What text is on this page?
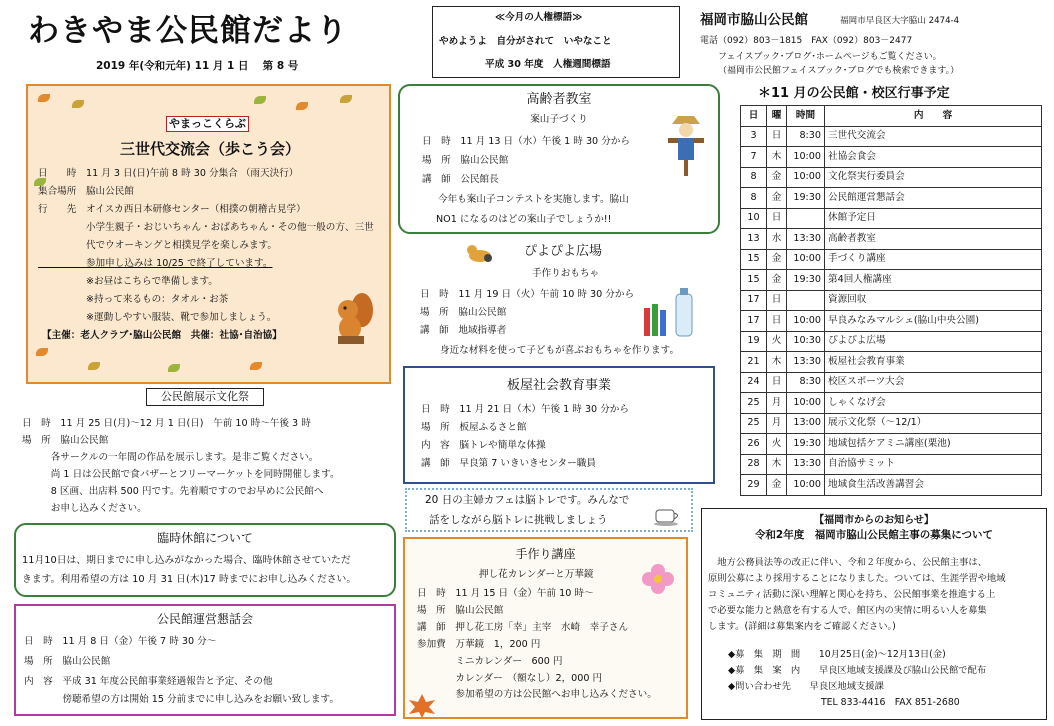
わきやま公民館だより
2019 年(令和元年) 11 月 1 日　 第 8 号
≪今月の人権標語≫
やめようよ　自分がされて　いやなこと
平成 30 年度　人権週間標語
福岡市脇山公民館	福岡市早良区大字脇山 2474-4
電話（092）803－1815　FAX（092）803－2477
フェイスブック･ブログ･ホームページもご覧ください。
（福岡市公民館フェイスブック･ブログでも検索できます。）
やまっこくらぶ
三世代交流会（歩こう会）
日　　時　11 月 3 日(日)午前 8 時 30 分集合 （雨天決行）
集合場所　脇山公民館
行　　先　オイスカ西日本研修センター（相撲の朝稽古見学）
　　　　　小学生親子・おじいちゃん・おばあちゃん・その他一般の方、三世
　　　　　代でウオーキングと相撲見学を楽しみます。
　　　　　参加申し込みは 10/25 で終了しています。
　　　　　※お昼はこちらで準備します。
　　　　　※持って来るもの：タオル・お茶
　　　　　※運動しやすい服装、靴で参加しましょう。
【主催：老人クラブ･脇山公民館　共催：社協･自治協】
公民館展示文化祭
日　時　11 月 25 日(月)～12 月 1 日(日)　午前 10 時～午後 3 時
場　所　脇山公民館
　　　各サークルの一年間の作品を展示します。是非ご覧ください。
　　　尚 1 日は公民館で食バザーとフリーマーケットを同時開催します。
　　　8 区画、出店料 500 円です。先着順ですのでお早めに公民館へ
　　　お申し込みください。
臨時休館について
11月10日は、期日までに申し込みがなかった場合、臨時休館させていただ
きます。利用希望の方は 10 月 31 日(木)17 時までにお申し込みください。
公民館運営懇話会
日　時　11 月 8 日（金）午後 7 時 30 分～
場　所　脇山公民館
内　容　平成 31 年度公民館事業経過報告と予定、その他
　　　　傍聴希望の方は開始 15 分前までに申し込みをお願い致します。
高齢者教室
案山子づくり
日　時　11 月 13 日（水）午後 1 時 30 分から
場　所　脇山公民館
講　師　公民館長
今年も案山子コンテストを実施します。脇山
NO1 になるのはどの案山子でしょうか!!
ぴよぴよ広場
手作りおもちゃ
日　時　11 月 19 日（火）午前 10 時 30 分から
場　所　脇山公民館
講　師　地域指導者
身近な材料を使って子どもが喜ぶおもちゃを作ります。
板屋社会教育事業
日　時　11 月 21 日（木）午後 1 時 30 分から
場　所　板屋ふるさと館
内　容　脳トレや簡単な体操
講　師　早良第 7 いきいきセンター職員
20 日の主婦カフェは脳トレです。みんなで
話をしながら脳トレに挑戦しましょう
手作り講座
押し花カレンダーと万華鏡
日　時　11 月 15 日（金）午前 10 時～
場　所　脇山公民館
講　師　押し花工房「幸」主宰　水崎　幸子さん
参加費　万華鏡　1，200 円
　　　　ミニカレンダー　600 円
　　　　カレンダー　（額なし）2，000 円
　　　　参加希望の方は公民館へお申し込みください。
＊11 月の公民館・校区行事予定
日	曜	時間	内　　容
3	日	8:30	三世代交流会
7	木	10:00	社協会食会
8	金	10:00	文化祭実行委員会
8	金	19:30	公民館運営懇話会
10	日		休館予定日
13	水	13:30	高齢者教室
15	金	10:00	手づくり講座
15	金	19:30	第4回人権講座
17	日		資源回収
17	日	10:00	早良みなみマルシェ(脇山中央公園)
19	火	10:30	ぴよぴよ広場
21	木	13:30	板屋社会教育事業
24	日	8:30	校区スポーツ大会
25	月	10:00	しゃくなげ会
25	月	13:00	展示文化祭（～12/1）
26	火	19:30	地域包括ケアミニ講座(栗池)
28	木	13:30	自治協サミット
29	金	10:00	地域食生活改善講習会
【福岡市からのお知らせ】
令和2年度　福岡市脇山公民館主事の募集について
　地方公務員法等の改正に伴い、令和２年度から、公民館主事は、
原則公募により採用することになりました。ついては、生涯学習や地域
コミュニティ活動に深い理解と関心を持ち、公民館事業を推進する上
で必要な能力と熱意を有する人で、館区内の実情に明るい人を募集
します。(詳細は募集案内をご確認ください。)
◆募　集　期　間　　10月25日(金)～12月13日(金)
◆募　集　案　内　　早良区地域支援課及び脇山公民館で配布
◆問い合わせ先　　早良区地域支援課
　　　　　　　　　　TEL 833-4416　FAX 851-2680
